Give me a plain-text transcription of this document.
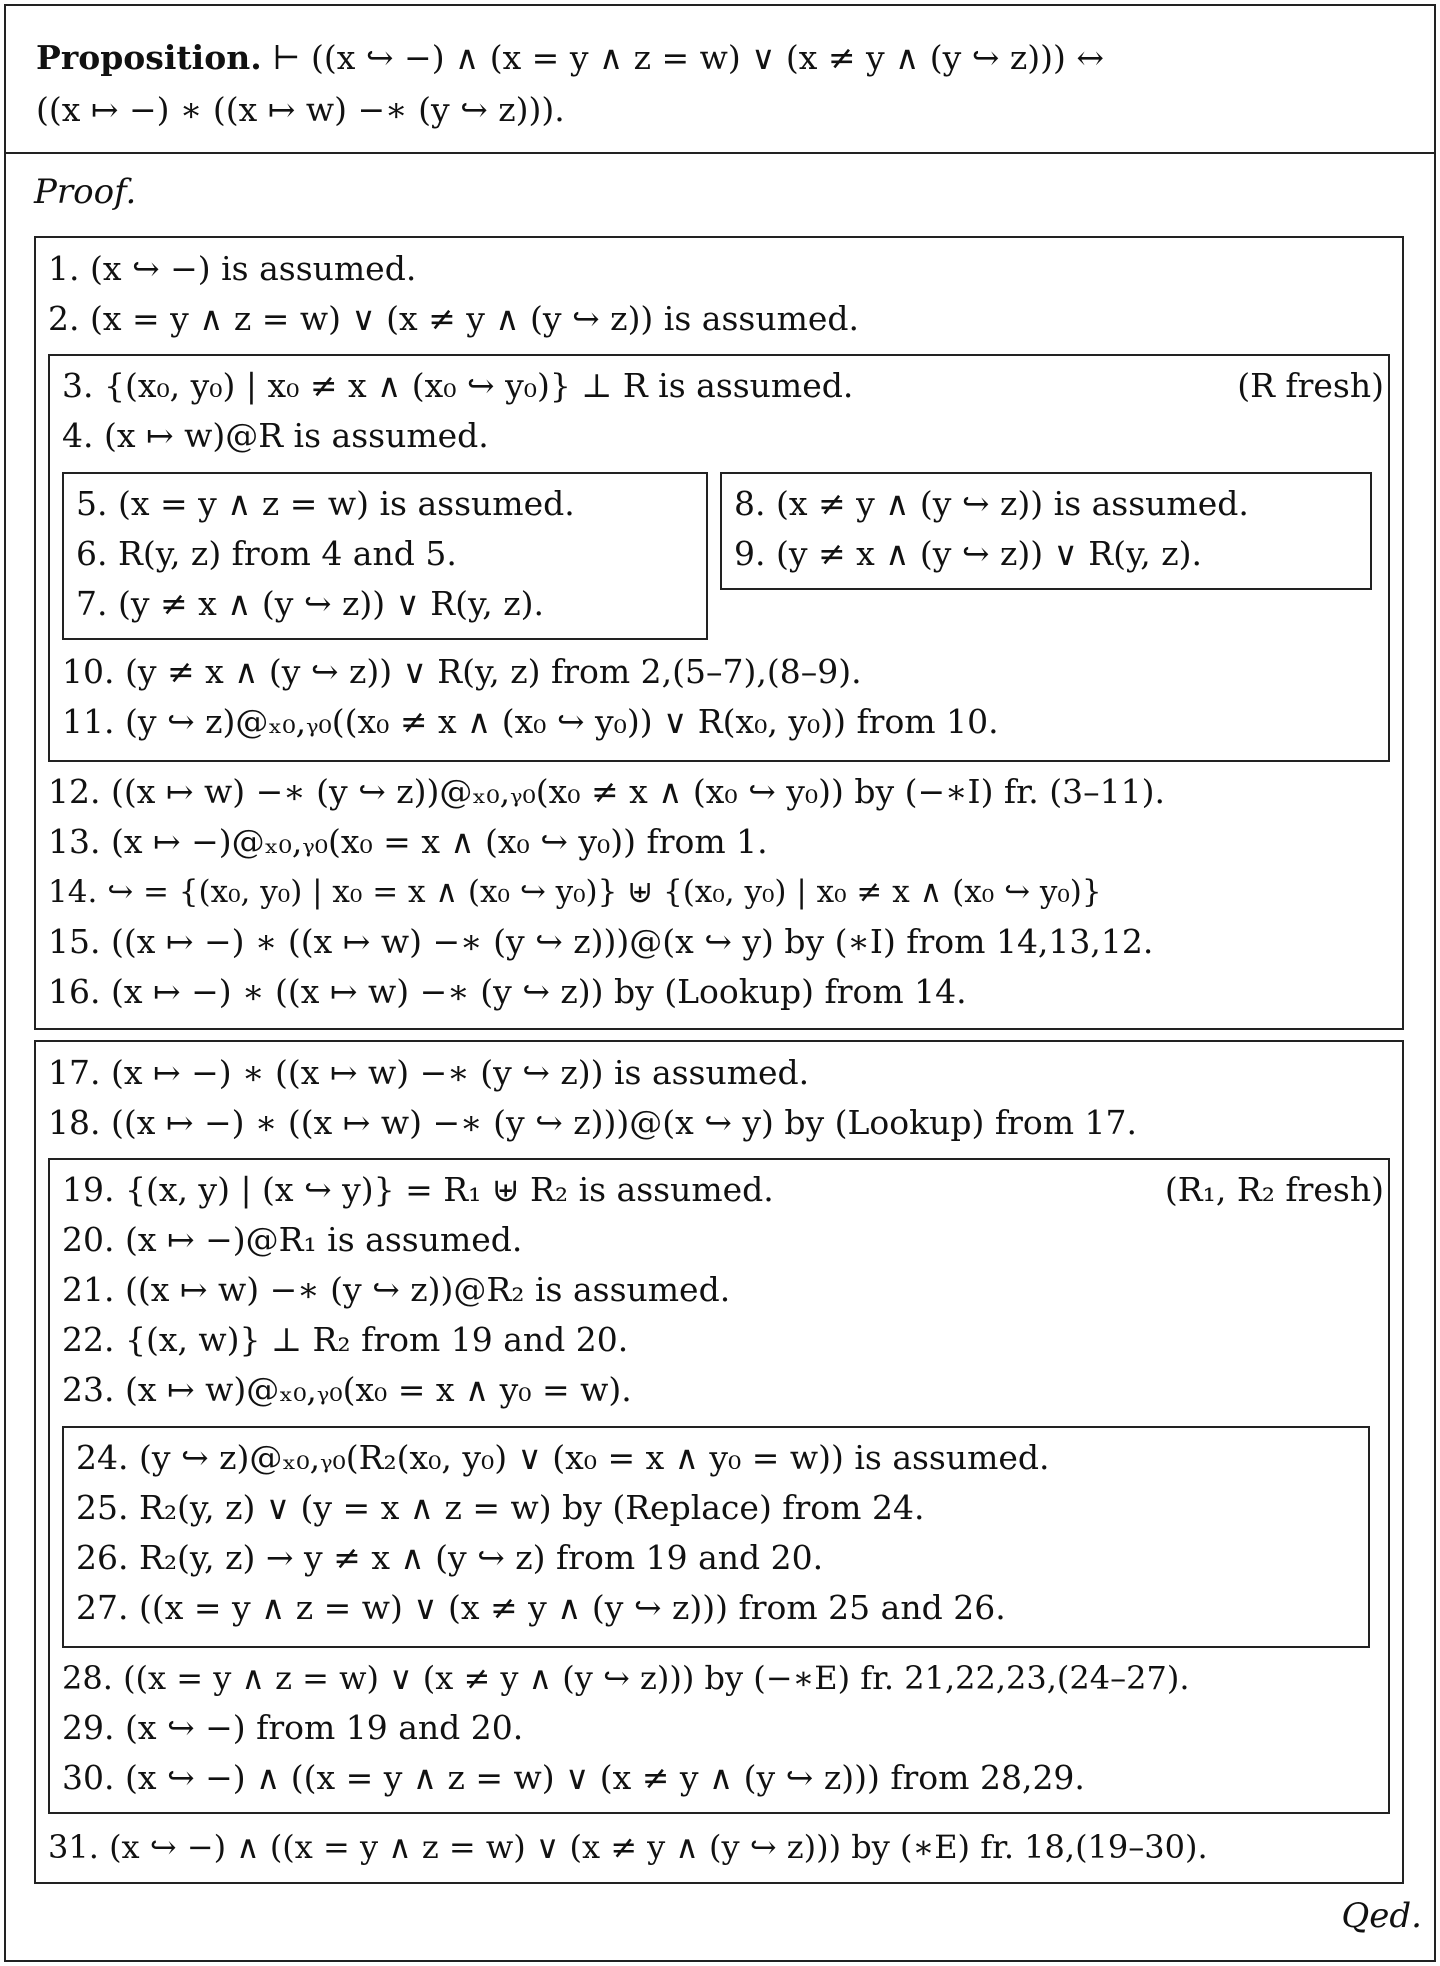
Proposition. ⊢ ((x ↪ −) ∧ (x = y ∧ z = w) ∨ (x ≠ y ∧ (y ↪ z))) ↔
((x ↦ −) ∗ ((x ↦ w) −∗ (y ↪ z))).
Proof.
1. (x ↪ −) is assumed.
2. (x = y ∧ z = w) ∨ (x ≠ y ∧ (y ↪ z)) is assumed.
3. {(x₀, y₀) | x₀ ≠ x ∧ (x₀ ↪ y₀)} ⊥ R is assumed.	(R fresh)
4. (x ↦ w)@R is assumed.
5. (x = y ∧ z = w) is assumed.
6. R(y, z) from 4 and 5.
7. (y ≠ x ∧ (y ↪ z)) ∨ R(y, z).
8. (x ≠ y ∧ (y ↪ z)) is assumed.
9. (y ≠ x ∧ (y ↪ z)) ∨ R(y, z).
10. (y ≠ x ∧ (y ↪ z)) ∨ R(y, z) from 2,(5–7),(8–9).
11. (y ↪ z)@ₓ₀,ᵧ₀((x₀ ≠ x ∧ (x₀ ↪ y₀)) ∨ R(x₀, y₀)) from 10.
12. ((x ↦ w) −∗ (y ↪ z))@ₓ₀,ᵧ₀(x₀ ≠ x ∧ (x₀ ↪ y₀)) by (−∗I) fr. (3–11).
13. (x ↦ −)@ₓ₀,ᵧ₀(x₀ = x ∧ (x₀ ↪ y₀)) from 1.
14. ↪ = {(x₀, y₀) | x₀ = x ∧ (x₀ ↪ y₀)} ⊎ {(x₀, y₀) | x₀ ≠ x ∧ (x₀ ↪ y₀)}
15. ((x ↦ −) ∗ ((x ↦ w) −∗ (y ↪ z)))@(x ↪ y) by (∗I) from 14,13,12.
16. (x ↦ −) ∗ ((x ↦ w) −∗ (y ↪ z)) by (Lookup) from 14.
17. (x ↦ −) ∗ ((x ↦ w) −∗ (y ↪ z)) is assumed.
18. ((x ↦ −) ∗ ((x ↦ w) −∗ (y ↪ z)))@(x ↪ y) by (Lookup) from 17.
19. {(x, y) | (x ↪ y)} = R₁ ⊎ R₂ is assumed.	(R₁, R₂ fresh)
20. (x ↦ −)@R₁ is assumed.
21. ((x ↦ w) −∗ (y ↪ z))@R₂ is assumed.
22. {(x, w)} ⊥ R₂ from 19 and 20.
23. (x ↦ w)@ₓ₀,ᵧ₀(x₀ = x ∧ y₀ = w).
24. (y ↪ z)@ₓ₀,ᵧ₀(R₂(x₀, y₀) ∨ (x₀ = x ∧ y₀ = w)) is assumed.
25. R₂(y, z) ∨ (y = x ∧ z = w) by (Replace) from 24.
26. R₂(y, z) → y ≠ x ∧ (y ↪ z) from 19 and 20.
27. ((x = y ∧ z = w) ∨ (x ≠ y ∧ (y ↪ z))) from 25 and 26.
28. ((x = y ∧ z = w) ∨ (x ≠ y ∧ (y ↪ z))) by (−∗E) fr. 21,22,23,(24–27).
29. (x ↪ −) from 19 and 20.
30. (x ↪ −) ∧ ((x = y ∧ z = w) ∨ (x ≠ y ∧ (y ↪ z))) from 28,29.
31. (x ↪ −) ∧ ((x = y ∧ z = w) ∨ (x ≠ y ∧ (y ↪ z))) by (∗E) fr. 18,(19–30).
Qed.
